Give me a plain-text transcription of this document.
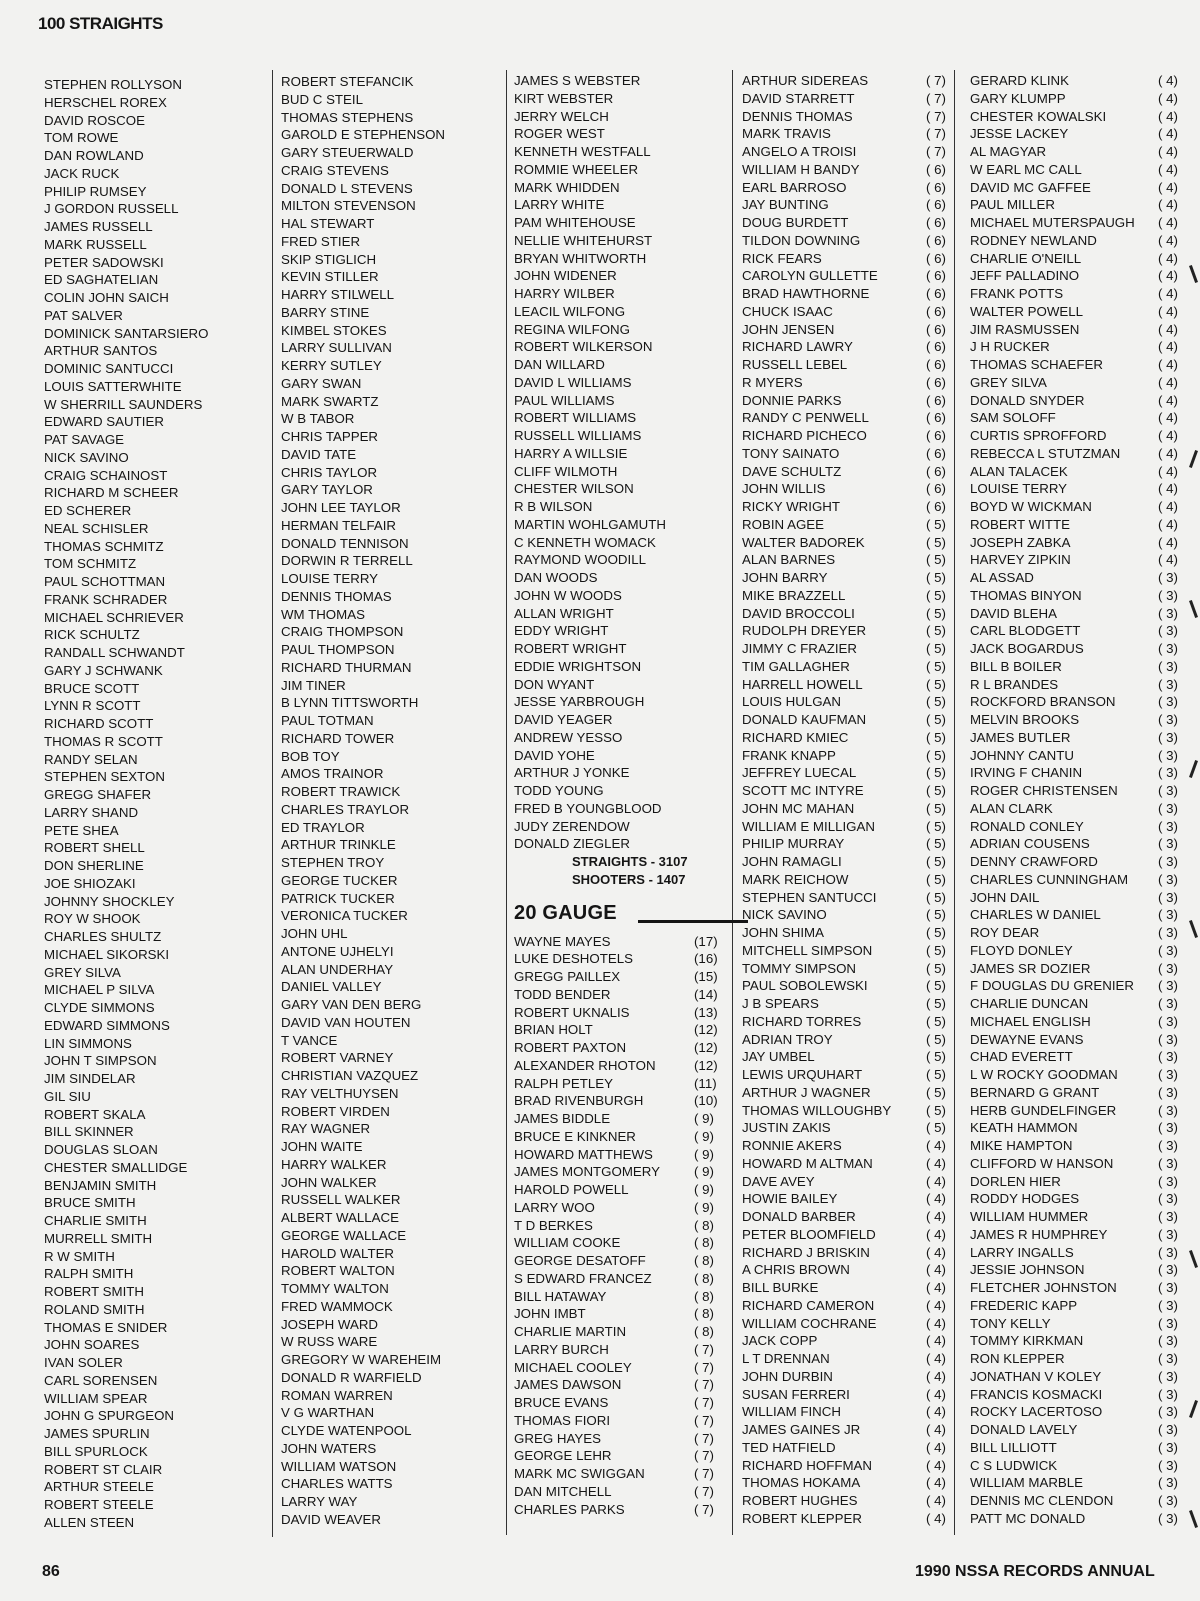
100 STRAIGHTS
STEPHEN ROLLYSON
HERSCHEL ROREX
DAVID ROSCOE
TOM ROWE
DAN ROWLAND
JACK RUCK
PHILIP RUMSEY
J GORDON RUSSELL
JAMES RUSSELL
MARK RUSSELL
PETER SADOWSKI
ED SAGHATELIAN
COLIN JOHN SAICH
PAT SALVER
DOMINICK SANTARSIERO
ARTHUR SANTOS
DOMINIC SANTUCCI
LOUIS SATTERWHITE
W SHERRILL SAUNDERS
EDWARD SAUTIER
PAT SAVAGE
NICK SAVINO
CRAIG SCHAINOST
RICHARD M SCHEER
ED SCHERER
NEAL SCHISLER
THOMAS SCHMITZ
TOM SCHMITZ
PAUL SCHOTTMAN
FRANK SCHRADER
MICHAEL SCHRIEVER
RICK SCHULTZ
RANDALL SCHWANDT
GARY J SCHWANK
BRUCE SCOTT
LYNN R SCOTT
RICHARD SCOTT
THOMAS R SCOTT
RANDY SELAN
STEPHEN SEXTON
GREGG SHAFER
LARRY SHAND
PETE SHEA
ROBERT SHELL
DON SHERLINE
JOE SHIOZAKI
JOHNNY SHOCKLEY
ROY W SHOOK
CHARLES SHULTZ
MICHAEL SIKORSKI
GREY SILVA
MICHAEL P SILVA
CLYDE SIMMONS
EDWARD SIMMONS
LIN SIMMONS
JOHN T SIMPSON
JIM SINDELAR
GIL SIU
ROBERT SKALA
BILL SKINNER
DOUGLAS SLOAN
CHESTER SMALLIDGE
BENJAMIN SMITH
BRUCE SMITH
CHARLIE SMITH
MURRELL SMITH
R W SMITH
RALPH SMITH
ROBERT SMITH
ROLAND SMITH
THOMAS E SNIDER
JOHN SOARES
IVAN SOLER
CARL SORENSEN
WILLIAM SPEAR
JOHN G SPURGEON
JAMES SPURLIN
BILL SPURLOCK
ROBERT ST CLAIR
ARTHUR STEELE
ROBERT STEELE
ALLEN STEEN
ROBERT STEFANCIK
BUD C STEIL
THOMAS STEPHENS
GAROLD E STEPHENSON
GARY STEUERWALD
CRAIG STEVENS
DONALD L STEVENS
MILTON STEVENSON
HAL STEWART
FRED STIER
SKIP STIGLICH
KEVIN STILLER
HARRY STILWELL
BARRY STINE
KIMBEL STOKES
LARRY SULLIVAN
KERRY SUTLEY
GARY SWAN
MARK SWARTZ
W B TABOR
CHRIS TAPPER
DAVID TATE
CHRIS TAYLOR
GARY TAYLOR
JOHN LEE TAYLOR
HERMAN TELFAIR
DONALD TENNISON
DORWIN R TERRELL
LOUISE TERRY
DENNIS THOMAS
WM THOMAS
CRAIG THOMPSON
PAUL THOMPSON
RICHARD THURMAN
JIM TINER
B LYNN TITTSWORTH
PAUL TOTMAN
RICHARD TOWER
BOB TOY
AMOS TRAINOR
ROBERT TRAWICK
CHARLES TRAYLOR
ED TRAYLOR
ARTHUR TRINKLE
STEPHEN TROY
GEORGE TUCKER
PATRICK TUCKER
VERONICA TUCKER
JOHN UHL
ANTONE UJHELYI
ALAN UNDERHAY
DANIEL VALLEY
GARY VAN DEN BERG
DAVID VAN HOUTEN
T VANCE
ROBERT VARNEY
CHRISTIAN VAZQUEZ
RAY VELTHUYSEN
ROBERT VIRDEN
RAY WAGNER
JOHN WAITE
HARRY WALKER
JOHN WALKER
RUSSELL WALKER
ALBERT WALLACE
GEORGE WALLACE
HAROLD WALTER
ROBERT WALTON
TOMMY WALTON
FRED WAMMOCK
JOSEPH WARD
W RUSS WARE
GREGORY W WAREHEIM
DONALD R WARFIELD
ROMAN WARREN
V G WARTHAN
CLYDE WATENPOOL
JOHN WATERS
WILLIAM WATSON
CHARLES WATTS
LARRY WAY
DAVID WEAVER
JAMES S WEBSTER
KIRT WEBSTER
JERRY WELCH
ROGER WEST
KENNETH WESTFALL
ROMMIE WHEELER
MARK WHIDDEN
LARRY WHITE
PAM WHITEHOUSE
NELLIE WHITEHURST
BRYAN WHITWORTH
JOHN WIDENER
HARRY WILBER
LEACIL WILFONG
REGINA WILFONG
ROBERT WILKERSON
DAN WILLARD
DAVID L WILLIAMS
PAUL WILLIAMS
ROBERT WILLIAMS
RUSSELL WILLIAMS
HARRY A WILLSIE
CLIFF WILMOTH
CHESTER WILSON
R B WILSON
MARTIN WOHLGAMUTH
C KENNETH WOMACK
RAYMOND WOODILL
DAN WOODS
JOHN W WOODS
ALLAN WRIGHT
EDDY WRIGHT
ROBERT WRIGHT
EDDIE WRIGHTSON
DON WYANT
JESSE YARBROUGH
DAVID YEAGER
ANDREW YESSO
DAVID YOHE
ARTHUR J YONKE
TODD YOUNG
FRED B YOUNGBLOOD
JUDY ZERENDOW
DONALD ZIEGLER
STRAIGHTS - 3107
SHOOTERS - 1407
20 GAUGE
WAYNE MAYES	(17)
LUKE DESHOTELS	(16)
GREGG PAILLEX	(15)
TODD BENDER	(14)
ROBERT UKNALIS	(13)
BRIAN HOLT	(12)
ROBERT PAXTON	(12)
ALEXANDER RHOTON	(12)
RALPH PETLEY	(11)
BRAD RIVENBURGH	(10)
JAMES BIDDLE	( 9)
BRUCE E KINKNER	( 9)
HOWARD MATTHEWS	( 9)
JAMES MONTGOMERY	( 9)
HAROLD POWELL	( 9)
LARRY WOO	( 9)
T D BERKES	( 8)
WILLIAM COOKE	( 8)
GEORGE DESATOFF	( 8)
S EDWARD FRANCEZ	( 8)
BILL HATAWAY	( 8)
JOHN IMBT	( 8)
CHARLIE MARTIN	( 8)
LARRY BURCH	( 7)
MICHAEL COOLEY	( 7)
JAMES DAWSON	( 7)
BRUCE EVANS	( 7)
THOMAS FIORI	( 7)
GREG HAYES	( 7)
GEORGE LEHR	( 7)
MARK MC SWIGGAN	( 7)
DAN MITCHELL	( 7)
CHARLES PARKS	( 7)
ARTHUR SIDEREAS	( 7)
DAVID STARRETT	( 7)
DENNIS THOMAS	( 7)
MARK TRAVIS	( 7)
ANGELO A TROISI	( 7)
WILLIAM H BANDY	( 6)
EARL BARROSO	( 6)
JAY BUNTING	( 6)
DOUG BURDETT	( 6)
TILDON DOWNING	( 6)
RICK FEARS	( 6)
CAROLYN GULLETTE	( 6)
BRAD HAWTHORNE	( 6)
CHUCK ISAAC	( 6)
JOHN JENSEN	( 6)
RICHARD LAWRY	( 6)
RUSSELL LEBEL	( 6)
R MYERS	( 6)
DONNIE PARKS	( 6)
RANDY C PENWELL	( 6)
RICHARD PICHECO	( 6)
TONY SAINATO	( 6)
DAVE SCHULTZ	( 6)
JOHN WILLIS	( 6)
RICKY WRIGHT	( 6)
ROBIN AGEE	( 5)
WALTER BADOREK	( 5)
ALAN BARNES	( 5)
JOHN BARRY	( 5)
MIKE BRAZZELL	( 5)
DAVID BROCCOLI	( 5)
RUDOLPH DREYER	( 5)
JIMMY C FRAZIER	( 5)
TIM GALLAGHER	( 5)
HARRELL HOWELL	( 5)
LOUIS HULGAN	( 5)
DONALD KAUFMAN	( 5)
RICHARD KMIEC	( 5)
FRANK KNAPP	( 5)
JEFFREY LUECAL	( 5)
SCOTT MC INTYRE	( 5)
JOHN MC MAHAN	( 5)
WILLIAM E MILLIGAN	( 5)
PHILIP MURRAY	( 5)
JOHN RAMAGLI	( 5)
MARK REICHOW	( 5)
STEPHEN SANTUCCI	( 5)
NICK SAVINO	( 5)
JOHN SHIMA	( 5)
MITCHELL SIMPSON	( 5)
TOMMY SIMPSON	( 5)
PAUL SOBOLEWSKI	( 5)
J B SPEARS	( 5)
RICHARD TORRES	( 5)
ADRIAN TROY	( 5)
JAY UMBEL	( 5)
LEWIS URQUHART	( 5)
ARTHUR J WAGNER	( 5)
THOMAS WILLOUGHBY	( 5)
JUSTIN ZAKIS	( 5)
RONNIE AKERS	( 4)
HOWARD M ALTMAN	( 4)
DAVE AVEY	( 4)
HOWIE BAILEY	( 4)
DONALD BARBER	( 4)
PETER BLOOMFIELD	( 4)
RICHARD J BRISKIN	( 4)
A CHRIS BROWN	( 4)
BILL BURKE	( 4)
RICHARD CAMERON	( 4)
WILLIAM COCHRANE	( 4)
JACK COPP	( 4)
L T DRENNAN	( 4)
JOHN DURBIN	( 4)
SUSAN FERRERI	( 4)
WILLIAM FINCH	( 4)
JAMES GAINES JR	( 4)
TED HATFIELD	( 4)
RICHARD HOFFMAN	( 4)
THOMAS HOKAMA	( 4)
ROBERT HUGHES	( 4)
ROBERT KLEPPER	( 4)
GERARD KLINK	( 4)
GARY KLUMPP	( 4)
CHESTER KOWALSKI	( 4)
JESSE LACKEY	( 4)
AL MAGYAR	( 4)
W EARL MC CALL	( 4)
DAVID MC GAFFEE	( 4)
PAUL MILLER	( 4)
MICHAEL MUTERSPAUGH ( 4)
RODNEY NEWLAND	( 4)
CHARLIE O'NEILL	( 4)
JEFF PALLADINO	( 4)
FRANK POTTS	( 4)
WALTER POWELL	( 4)
JIM RASMUSSEN	( 4)
J H RUCKER	( 4)
THOMAS SCHAEFER	( 4)
GREY SILVA	( 4)
DONALD SNYDER	( 4)
SAM SOLOFF	( 4)
CURTIS SPROFFORD	( 4)
REBECCA L STUTZMAN	( 4)
ALAN TALACEK	( 4)
LOUISE TERRY	( 4)
BOYD W WICKMAN	( 4)
ROBERT WITTE	( 4)
JOSEPH ZABKA	( 4)
HARVEY ZIPKIN	( 4)
AL ASSAD	( 3)
THOMAS BINYON	( 3)
DAVID BLEHA	( 3)
CARL BLODGETT	( 3)
JACK BOGARDUS	( 3)
BILL B BOILER	( 3)
R L BRANDES	( 3)
ROCKFORD BRANSON	( 3)
MELVIN BROOKS	( 3)
JAMES BUTLER	( 3)
JOHNNY CANTU	( 3)
IRVING F CHANIN	( 3)
ROGER CHRISTENSEN	( 3)
ALAN CLARK	( 3)
RONALD CONLEY	( 3)
ADRIAN COUSENS	( 3)
DENNY CRAWFORD	( 3)
CHARLES CUNNINGHAM ( 3)
JOHN DAIL	( 3)
CHARLES W DANIEL	( 3)
ROY DEAR	( 3)
FLOYD DONLEY	( 3)
JAMES SR DOZIER	( 3)
F DOUGLAS DU GRENIER ( 3)
CHARLIE DUNCAN	( 3)
MICHAEL ENGLISH	( 3)
DEWAYNE EVANS	( 3)
CHAD EVERETT	( 3)
L W ROCKY GOODMAN	( 3)
BERNARD G GRANT	( 3)
HERB GUNDELFINGER	( 3)
KEATH HAMMON	( 3)
MIKE HAMPTON	( 3)
CLIFFORD W HANSON	( 3)
DORLEN HIER	( 3)
RODDY HODGES	( 3)
WILLIAM HUMMER	( 3)
JAMES R HUMPHREY	( 3)
LARRY INGALLS	( 3)
JESSIE JOHNSON	( 3)
FLETCHER JOHNSTON	( 3)
FREDERIC KAPP	( 3)
TONY KELLY	( 3)
TOMMY KIRKMAN	( 3)
RON KLEPPER	( 3)
JONATHAN V KOLEY	( 3)
FRANCIS KOSMACKI	( 3)
ROCKY LACERTOSO	( 3)
DONALD LAVELY	( 3)
BILL LILLIOTT	( 3)
C S LUDWICK	( 3)
WILLIAM MARBLE	( 3)
DENNIS MC CLENDON	( 3)
PATT MC DONALD	( 3)
86	1990 NSSA RECORDS ANNUAL
